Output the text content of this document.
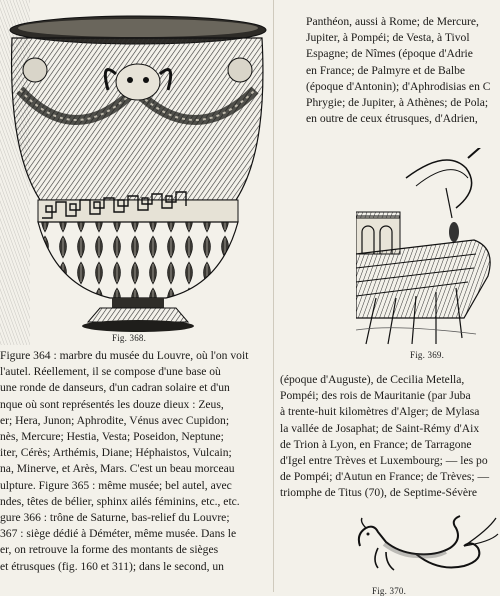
Fig. 368.
Figure 364 : marbre du musée du Louvre, où l'on voit
l'autel. Réellement, il se compose d'une base où
une ronde de danseurs, d'un cadran solaire et d'un
nque où sont représentés les douze dieux : Zeus,
er; Hera, Junon; Aphrodite, Vénus avec Cupidon;
nès, Mercure; Hestia, Vesta; Poseidon, Neptune;
iter, Cérès; Arthémis, Diane; Héphaistos, Vulcain;
na, Minerve, et Arès, Mars. C'est un beau morceau
ulpture. Figure 365 : même musée; bel autel, avec
ndes, têtes de bélier, sphinx ailés féminins, etc., etc.
gure 366 : trône de Saturne, bas-relief du Louvre;
367 : siège dédié à Déméter, même musée. Dans le
er, on retrouve la forme des montants de sièges
et étrusques (fig. 160 et 311); dans le second, un
Panthéon, aussi à Rome; de Mercure,
Jupiter, à Pompéi; de Vesta, à Tivol
Espagne; de Nîmes (époque d'Adrie
en France; de Palmyre et de Balbe
(époque d'Antonin); d'Aphrodisias en C
Phrygie; de Jupiter, à Athènes; de Pola;
en outre de ceux étrusques, d'Adrien,
Fig. 369.
(époque d'Auguste), de Cecilia Metella,
Pompéi; des rois de Mauritanie (par Juba
à trente-huit kilomètres d'Alger; de Mylasa
la vallée de Josaphat; de Saint-Rémy d'Aix
de Trion à Lyon, en France; de Tarragone
d'Igel entre Trèves et Luxembourg; — les po
de Pompéi; d'Autun en France; de Trèves; —
triomphe de Titus (70), de Septime-Sévère
Fig. 370.
